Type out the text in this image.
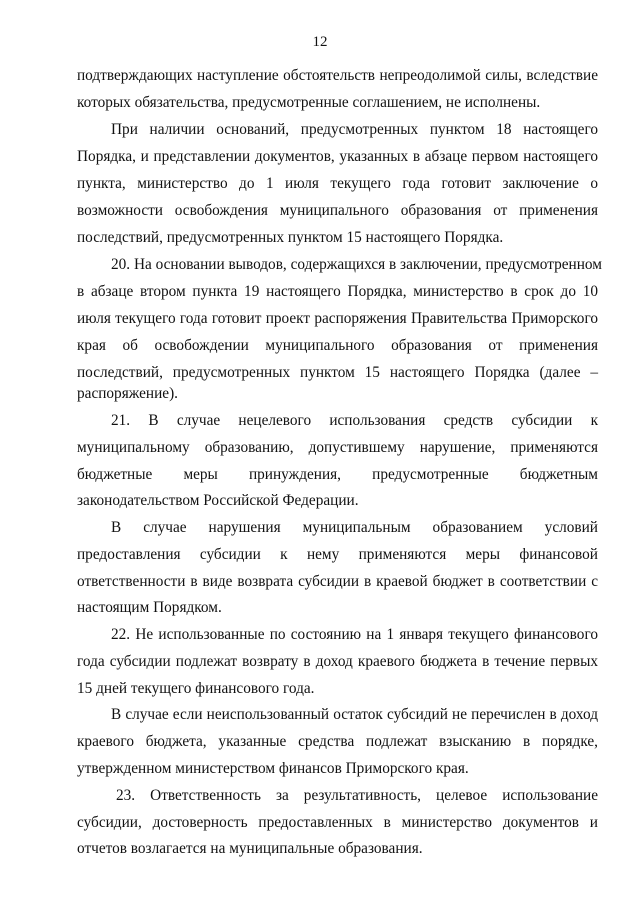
12
подтверждающих наступление обстоятельств непреодолимой силы, вследствие
которых обязательства, предусмотренные соглашением, не исполнены.
При наличии оснований, предусмотренных пунктом 18 настоящего
Порядка, и представлении документов, указанных в абзаце первом настоящего
пункта, министерство до 1 июля текущего года готовит заключение о
возможности освобождения муниципального образования от применения
последствий, предусмотренных пунктом 15 настоящего Порядка.
20. На основании выводов, содержащихся в заключении, предусмотренном
в абзаце втором пункта 19 настоящего Порядка, министерство в срок до 10
июля текущего года готовит проект распоряжения Правительства Приморского
края об освобождении муниципального образования от применения
последствий, предусмотренных пунктом 15 настоящего Порядка (далее –
распоряжение).
21. В случае нецелевого использования средств субсидии к
муниципальному образованию, допустившему нарушение, применяются
бюджетные меры принуждения, предусмотренные бюджетным
законодательством Российской Федерации.
В случае нарушения муниципальным образованием условий
предоставления субсидии к нему применяются меры финансовой
ответственности в виде возврата субсидии в краевой бюджет в соответствии с
настоящим Порядком.
22. Не использованные по состоянию на 1 января текущего финансового
года субсидии подлежат возврату в доход краевого бюджета в течение первых
15 дней текущего финансового года.
В случае если неиспользованный остаток субсидий не перечислен в доход
краевого бюджета, указанные средства подлежат взысканию в порядке,
утвержденном министерством финансов Приморского края.
23. Ответственность за результативность, целевое использование
субсидии, достоверность предоставленных в министерство документов и
отчетов возлагается на муниципальные образования.
